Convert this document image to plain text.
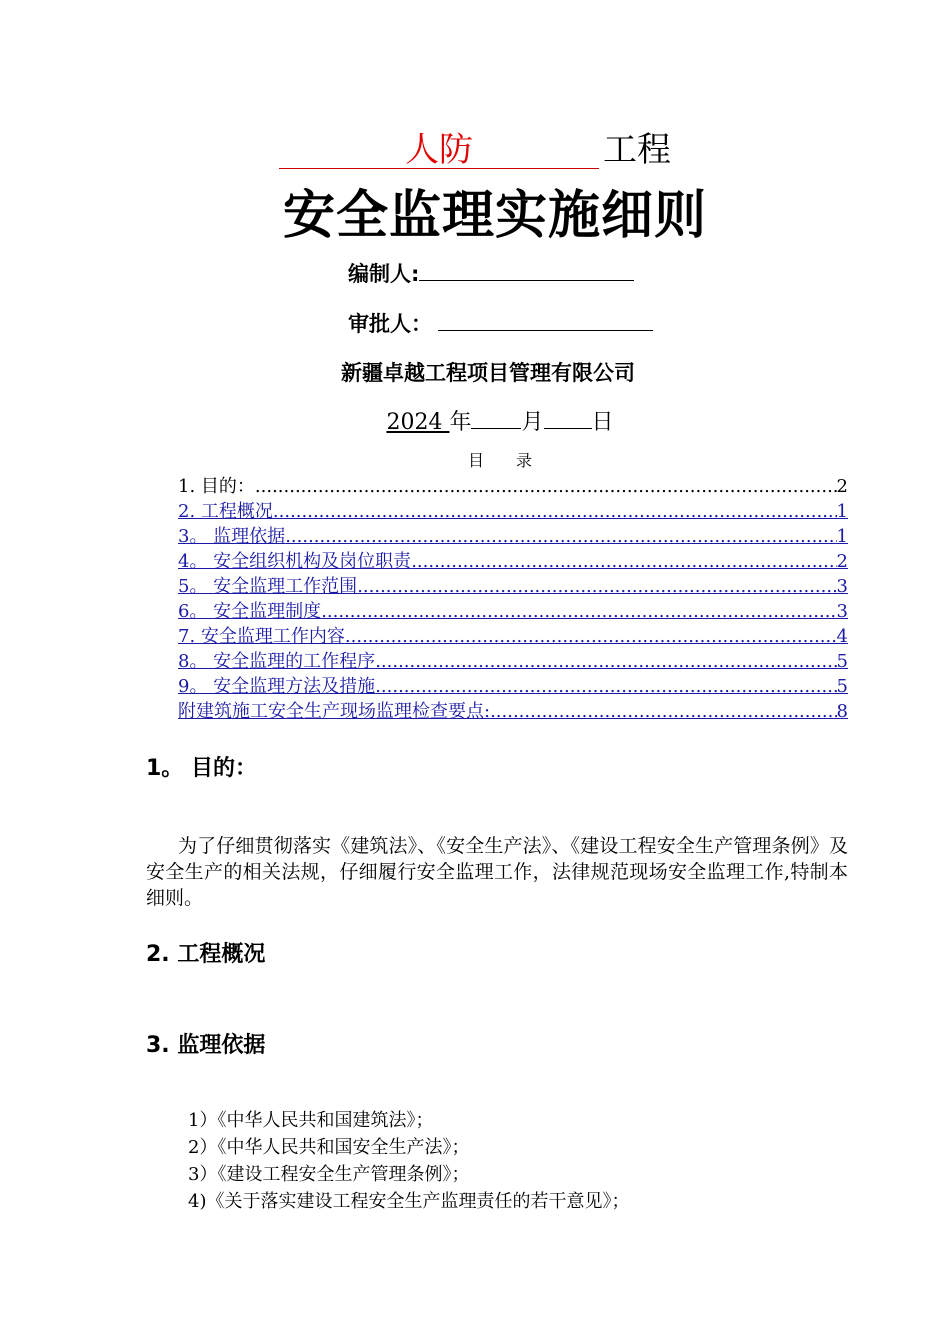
人防	工程
安全监理实施细则
编制人:
审批人：
新疆卓越工程项目管理有限公司
2024 年 月 日
目　　录
1. 目的： .....	2
2. 工程概况 .....	1
3。 监理依据 .....	1
4。 安全组织机构及岗位职责 .....	2
5。 安全监理工作范围 .....	3
6。 安全监理制度 .....	3
7. 安全监理工作内容 .....	4
8。 安全监理的工作程序 .....	5
9。 安全监理方法及措施 .....	5
附建筑施工安全生产现场监理检查要点: .....	8
1。 目的：
为了仔细贯彻落实《建筑法》、《安全生产法》、《建设工程安全生产管理条例》及安全生产的相关法规，仔细履行安全监理工作，法律规范现场安全监理工作,特制本细则。
2. 工程概况
3. 监理依据
1）《中华人民共和国建筑法》；
2）《中华人民共和国安全生产法》；
3）《建设工程安全生产管理条例》；
4)《关于落实建设工程安全生产监理责任的若干意见》；
